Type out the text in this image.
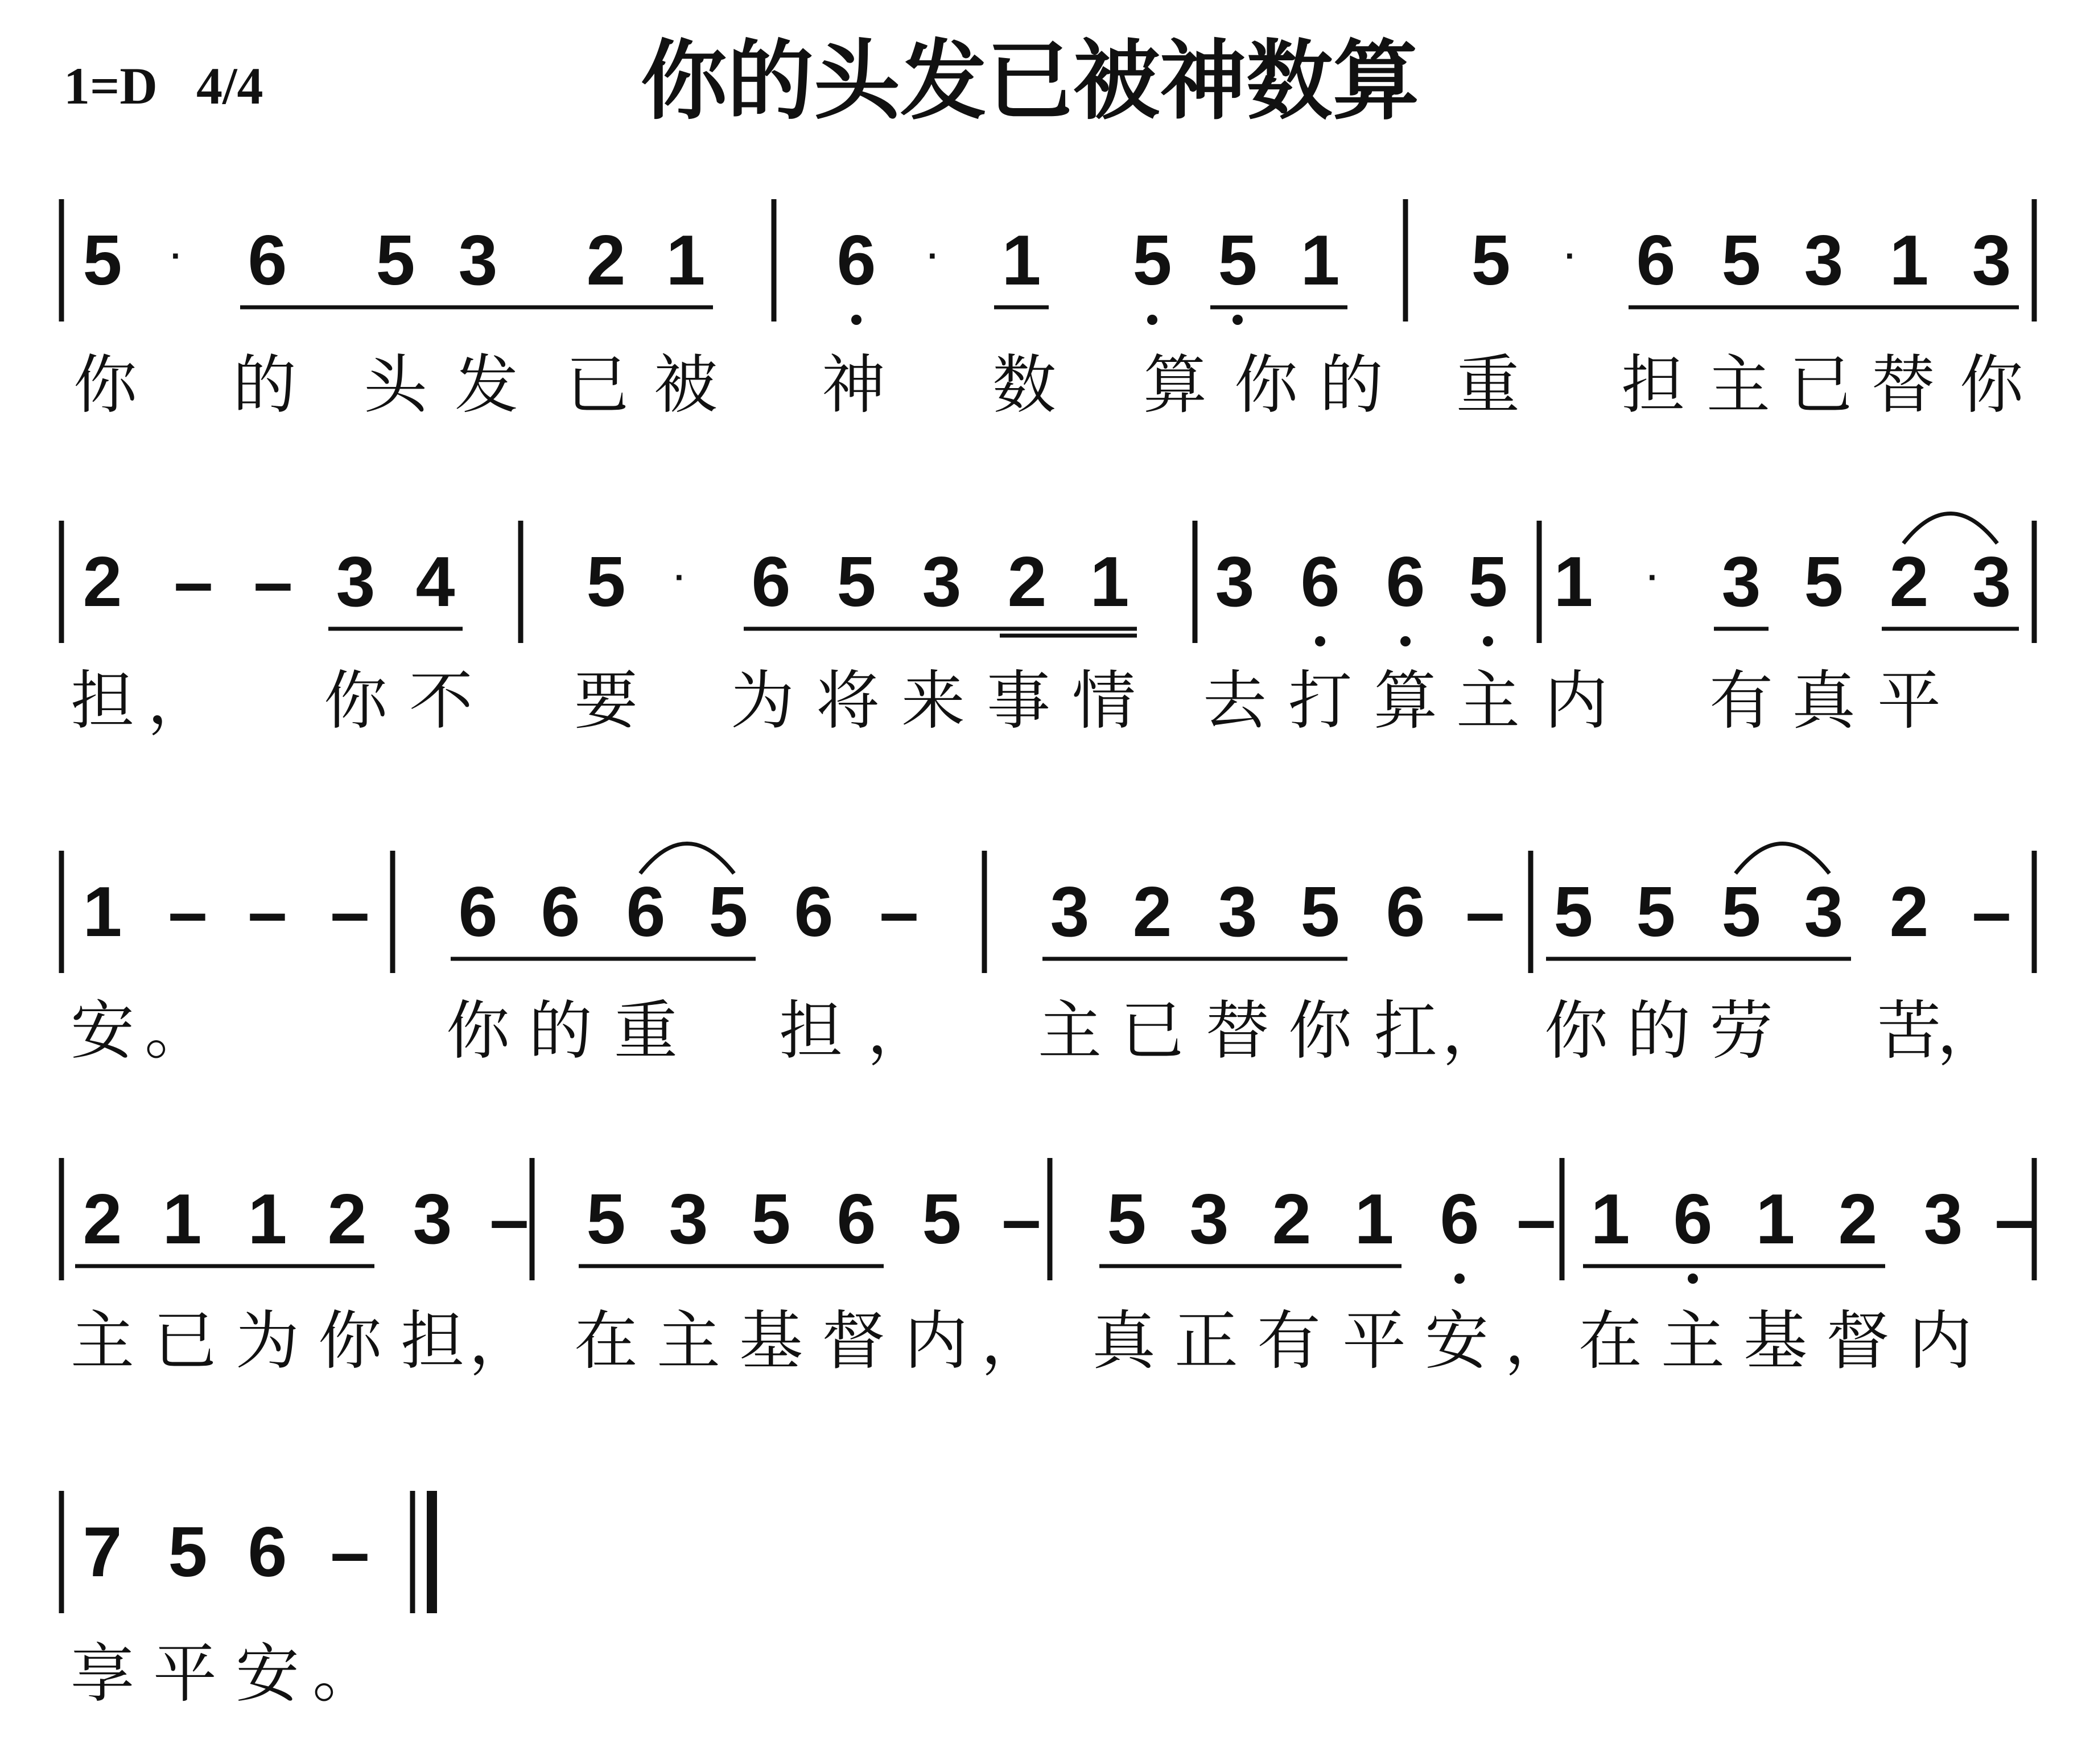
1=D 4/4	你的头发已被神数算
5 · 6 5 3 2 1 6 · 1 5 5 1 5 · 6 5 3 1 3
你 的 头 发 已 被 神 数 算 你 的 重 担 主 已 替 你
2 – – 3 4 5 · 6 5 3 2 1 3 6 6 5 1 · 3 5 2 3
担 ， 你 不 要 为 将 来 事 情 去 打 算 主 内 有 真 平
1 – – – 6 6 6 5 6 – 3 2 3 5 6 – 5 5 5 3 2 –
安 。	你 的 重 担 ， 主 已 替 你 扛 ， 你 的 劳 苦
，
2 1 1 2 3 – 5 3 5 6 5 – 5 3 2 1 6 – 1 6 1 2 3 –
主 已 为 你 担 ， 在 主 基 督 内 ， 真 正 有 平 安 ， 在 主 基 督 内
7 5 6 –
享 平 安 。
